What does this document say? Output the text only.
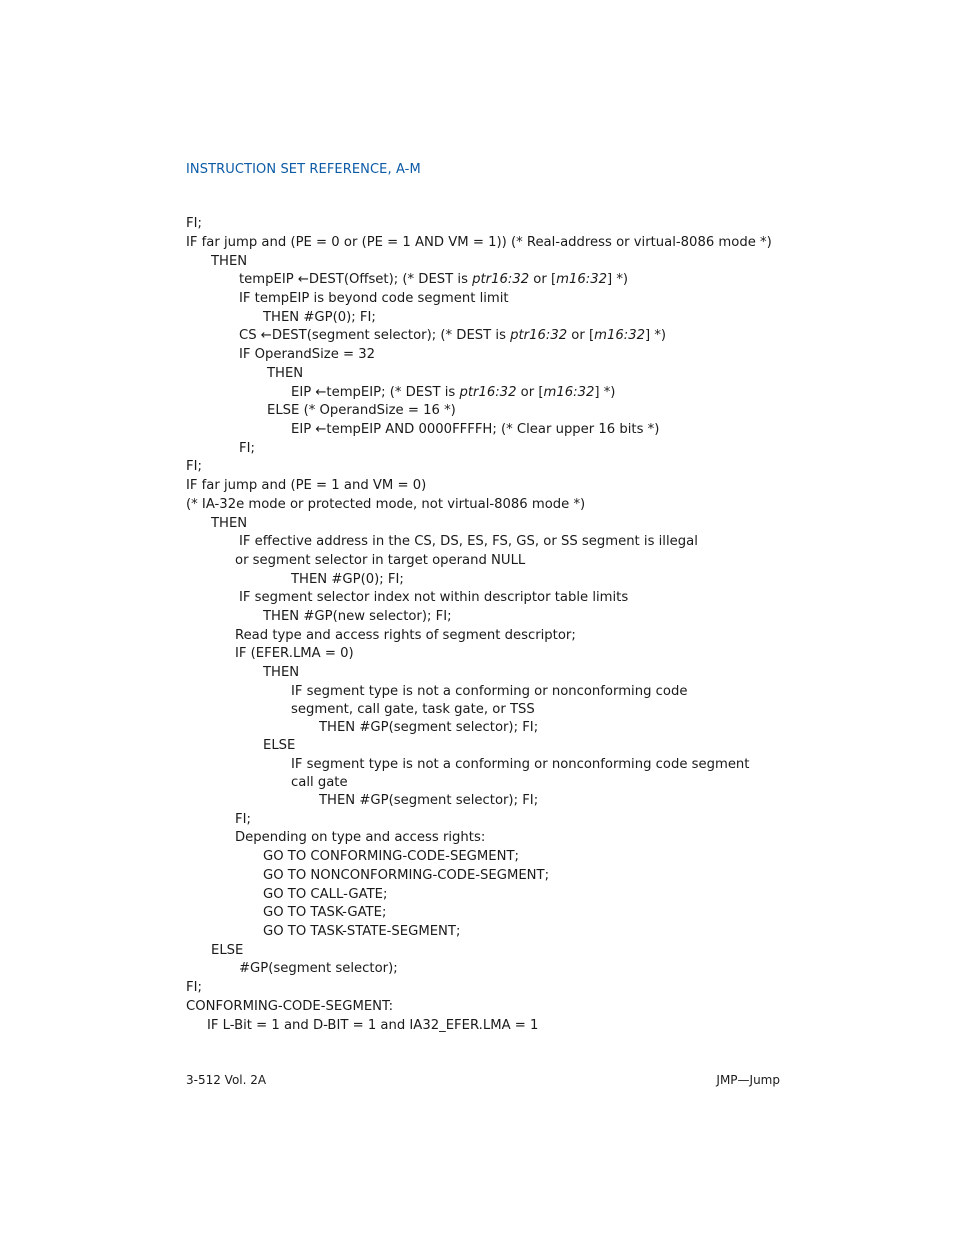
INSTRUCTION SET REFERENCE, A-M
FI;
IF far jump and (PE = 0 or (PE = 1 AND VM = 1)) (* Real-address or virtual-8086 mode *)
THEN
tempEIP ←DEST(Offset); (* DEST is ptr16:32 or [m16:32] *)
IF tempEIP is beyond code segment limit
THEN #GP(0); FI;
CS ←DEST(segment selector); (* DEST is ptr16:32 or [m16:32] *)
IF OperandSize = 32
THEN
EIP ←tempEIP; (* DEST is ptr16:32 or [m16:32] *)
ELSE (* OperandSize = 16 *)
EIP ←tempEIP AND 0000FFFFH; (* Clear upper 16 bits *)
FI;
FI;
IF far jump and (PE = 1 and VM = 0)
(* IA-32e mode or protected mode, not virtual-8086 mode *)
THEN
IF effective address in the CS, DS, ES, FS, GS, or SS segment is illegal
or segment selector in target operand NULL
THEN #GP(0); FI;
IF segment selector index not within descriptor table limits
THEN #GP(new selector); FI;
Read type and access rights of segment descriptor;
IF (EFER.LMA = 0)
THEN
IF segment type is not a conforming or nonconforming code
segment, call gate, task gate, or TSS
THEN #GP(segment selector); FI;
ELSE
IF segment type is not a conforming or nonconforming code segment
call gate
THEN #GP(segment selector); FI;
FI;
Depending on type and access rights:
GO TO CONFORMING-CODE-SEGMENT;
GO TO NONCONFORMING-CODE-SEGMENT;
GO TO CALL-GATE;
GO TO TASK-GATE;
GO TO TASK-STATE-SEGMENT;
ELSE
#GP(segment selector);
FI;
CONFORMING-CODE-SEGMENT:
IF L-Bit = 1 and D-BIT = 1 and IA32_EFER.LMA = 1
3-512 Vol. 2A	JMP—Jump
